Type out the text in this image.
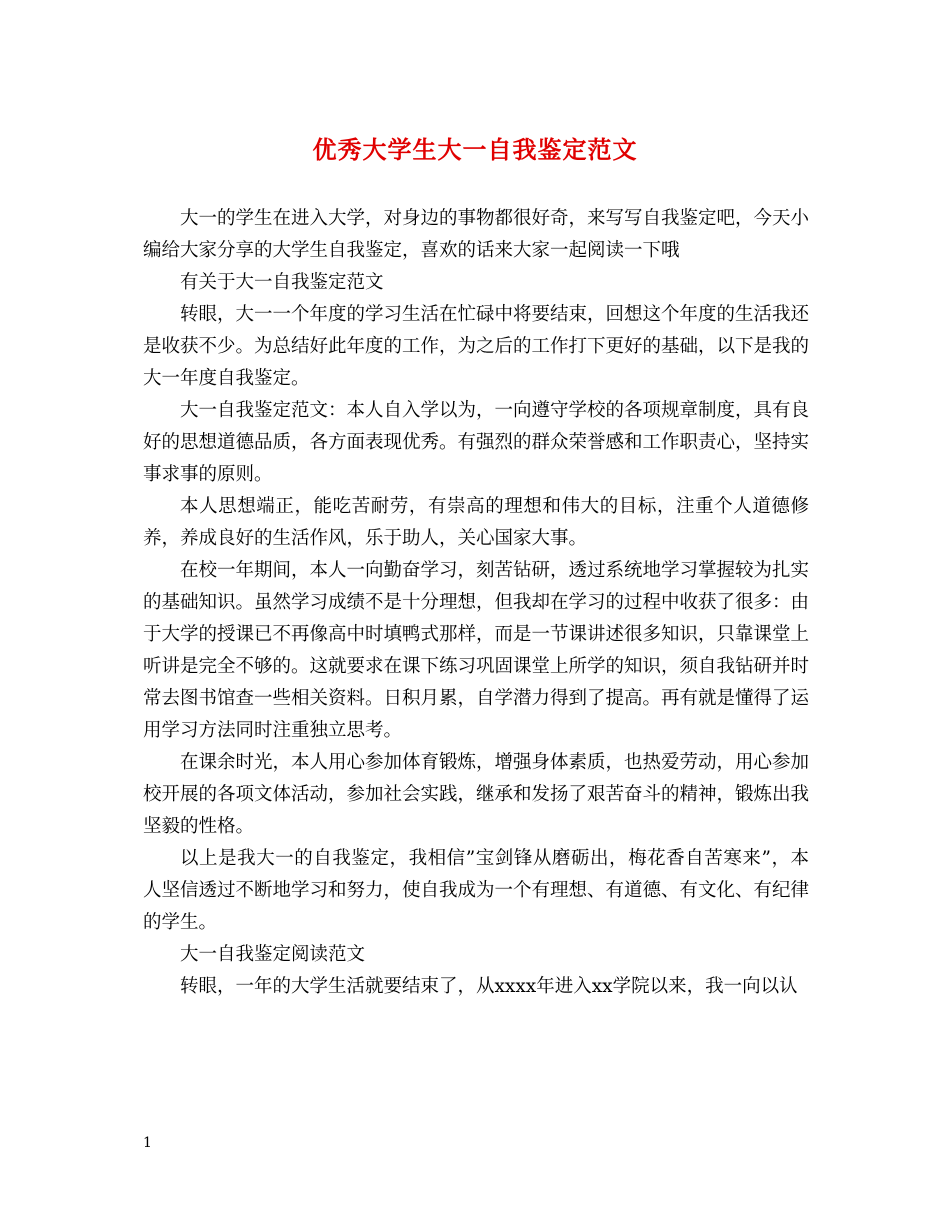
优秀大学生大一自我鉴定范文

大一的学生在进入大学，对身边的事物都很好奇，来写写自我鉴定吧，今天小编给大家分享的大学生自我鉴定，喜欢的话来大家一起阅读一下哦

有关于大一自我鉴定范文

转眼，大一一个年度的学习生活在忙碌中将要结束，回想这个年度的生活我还是收获不少。为总结好此年度的工作，为之后的工作打下更好的基础，以下是我的大一年度自我鉴定。

大一自我鉴定范文：本人自入学以为，一向遵守学校的各项规章制度，具有良好的思想道德品质，各方面表现优秀。有强烈的群众荣誉感和工作职责心，坚持实事求事的原则。

本人思想端正，能吃苦耐劳，有崇高的理想和伟大的目标，注重个人道德修养，养成良好的生活作风，乐于助人，关心国家大事。

在校一年期间，本人一向勤奋学习，刻苦钻研，透过系统地学习掌握较为扎实的基础知识。虽然学习成绩不是十分理想，但我却在学习的过程中收获了很多：由于大学的授课已不再像高中时填鸭式那样，而是一节课讲述很多知识，只靠课堂上听讲是完全不够的。这就要求在课下练习巩固课堂上所学的知识，须自我钻研并时常去图书馆查一些相关资料。日积月累，自学潜力得到了提高。再有就是懂得了运用学习方法同时注重独立思考。

在课余时光，本人用心参加体育锻炼，增强身体素质，也热爱劳动，用心参加校开展的各项文体活动，参加社会实践，继承和发扬了艰苦奋斗的精神，锻炼出我坚毅的性格。

以上是我大一的自我鉴定，我相信”宝剑锋从磨砺出，梅花香自苦寒来”，本人坚信透过不断地学习和努力，使自我成为一个有理想、有道德、有文化、有纪律的学生。

大一自我鉴定阅读范文

转眼，一年的大学生活就要结束了，从xxxx年进入xx学院以来，我一向以认

1
